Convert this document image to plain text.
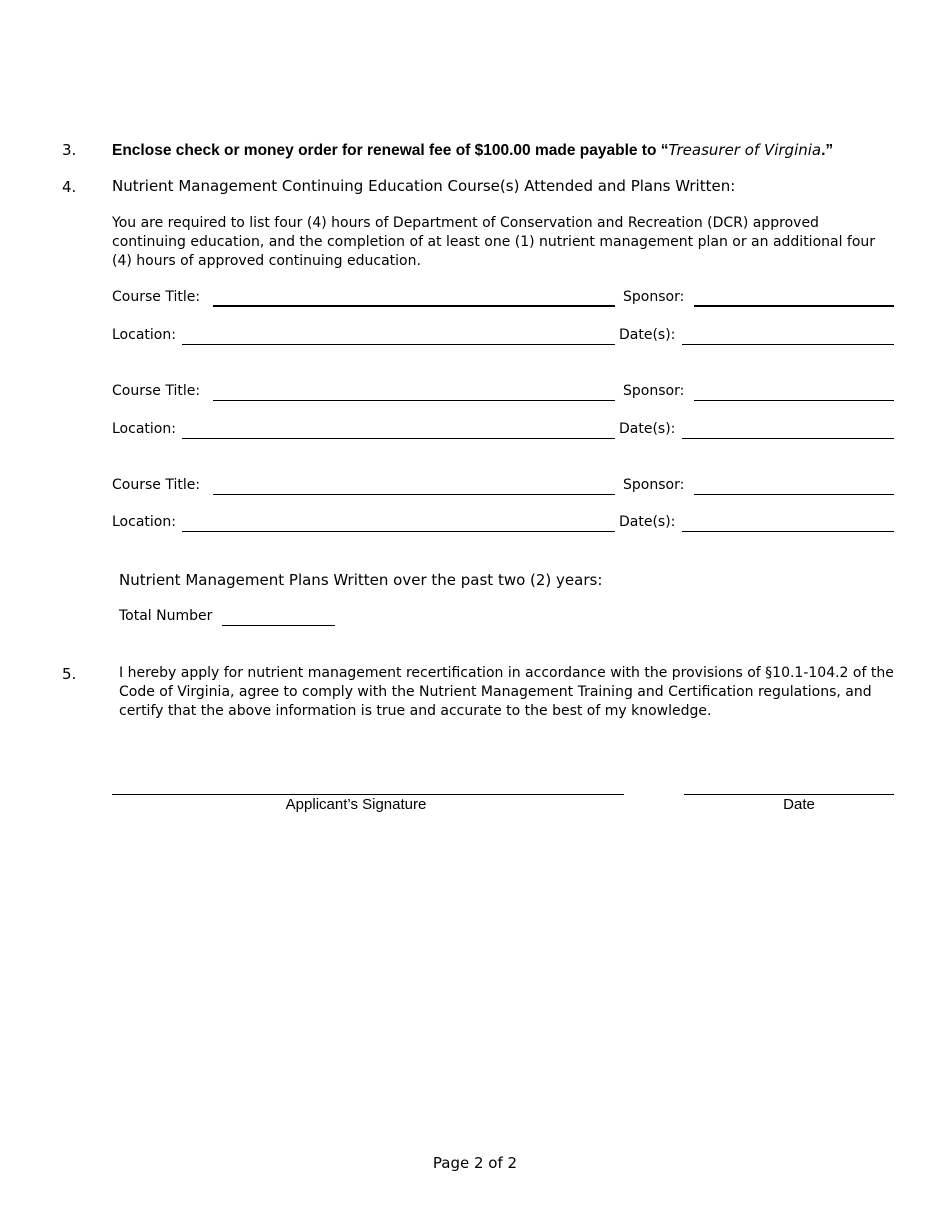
3. Enclose check or money order for renewal fee of $100.00 made payable to “Treasurer of Virginia.”
4. Nutrient Management Continuing Education Course(s) Attended and Plans Written:
You are required to list four (4) hours of Department of Conservation and Recreation (DCR) approved continuing education, and the completion of at least one (1) nutrient management plan or an additional four (4) hours of approved continuing education.
Course Title:	Sponsor:
Location:	Date(s):
Course Title:	Sponsor:
Location:	Date(s):
Course Title:	Sponsor:
Location:	Date(s):
Nutrient Management Plans Written over the past two (2) years:
Total Number
5.	I hereby apply for nutrient management recertification in accordance with the provisions of §10.1-104.2 of the Code of Virginia, agree to comply with the Nutrient Management Training and Certification regulations, and certify that the above information is true and accurate to the best of my knowledge.
Applicant’s Signature	Date
Page 2 of 2
